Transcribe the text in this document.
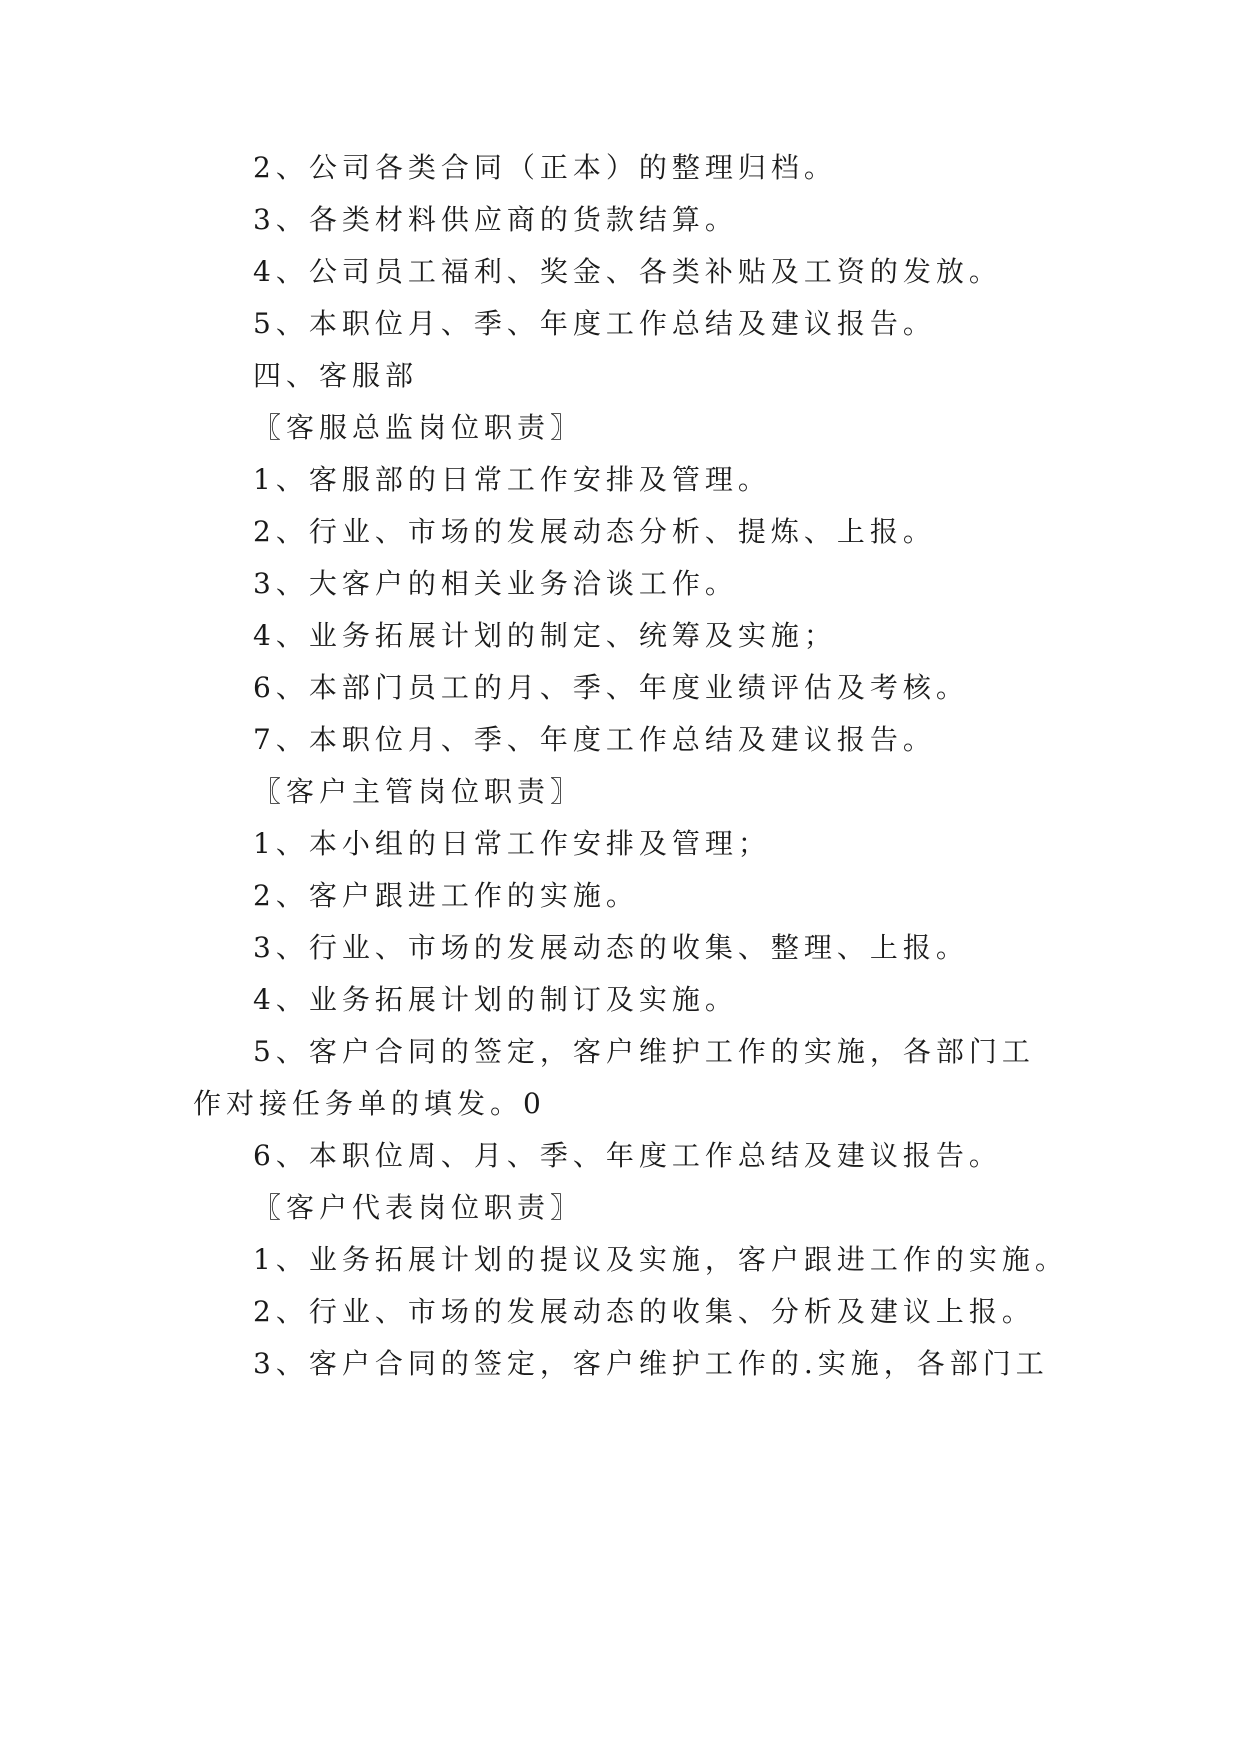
2、公司各类合同（正本）的整理归档。
3、各类材料供应商的货款结算。
4、公司员工福利、奖金、各类补贴及工资的发放。
5、本职位月、季、年度工作总结及建议报告。
四、客服部
〖客服总监岗位职责〗
1、客服部的日常工作安排及管理。
2、行业、市场的发展动态分析、提炼、上报。
3、大客户的相关业务洽谈工作。
4、业务拓展计划的制定、统筹及实施；
6、本部门员工的月、季、年度业绩评估及考核。
7、本职位月、季、年度工作总结及建议报告。
〖客户主管岗位职责〗
1、本小组的日常工作安排及管理；
2、客户跟进工作的实施。
3、行业、市场的发展动态的收集、整理、上报。
4、业务拓展计划的制订及实施。
5、客户合同的签定，客户维护工作的实施，各部门工
作对接任务单的填发。0
6、本职位周、月、季、年度工作总结及建议报告。
〖客户代表岗位职责〗
1、业务拓展计划的提议及实施，客户跟进工作的实施。
2、行业、市场的发展动态的收集、分析及建议上报。
3、客户合同的签定，客户维护工作的.实施，各部门工
